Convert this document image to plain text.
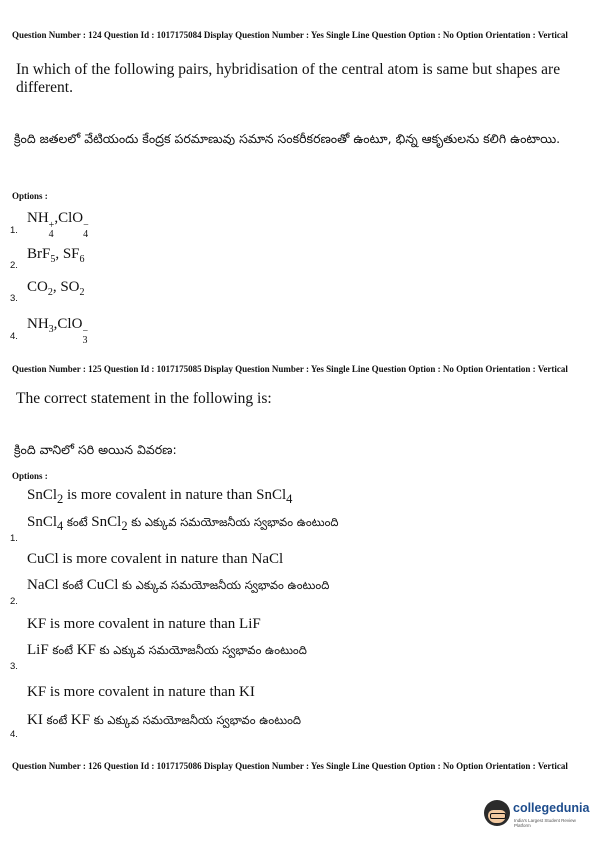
Question Number : 124 Question Id : 1017175084 Display Question Number : Yes Single Line Question Option : No Option Orientation : Vertical
In which of the following pairs, hybridisation of the central atom is same but shapes are different.
క్రింది జతలలో వేటియందు కేంద్రక పరమాణువు సమాన సంకరీకరణంతో ఉంటూ, భిన్న ఆకృతులను కలిగి ఉంటాయి.
Options :
1.
NH +
4
,ClO −
4
2.
BrF$_5$, $SF_6$
3.
$CO_2$, $SO_2$
4.
$NH_3,ClO$ −
3
Question Number : 125 Question Id : 1017175085 Display Question Number : Yes Single Line Question Option : No Option Orientation : Vertical
The correct statement in the following is:
క్రింది వానిలో సరి అయిన వివరణ:
Options :
SnCl$_2$ is more covalent in nature than SnCl$_4$
SnCl$_4$ కంటే SnCl$_2$ కు ఎక్కువ సమయోజనీయ స్వభావం ఉంటుంది
1.
CuCl is more covalent in nature than NaCl
NaCl కంటే CuCl కు ఎక్కువ సమయోజనీయ స్వభావం ఉంటుంది
2.
KF is more covalent in nature than LiF
LiF కంటే KF కు ఎక్కువ సమయోజనీయ స్వభావం ఉంటుంది
3.
KF is more covalent in nature than KI
KI కంటే KF కు ఎక్కువ సమయోజనీయ స్వభావం ఉంటుంది
4.
Question Number : 126 Question Id : 1017175086 Display Question Number : Yes Single Line Question Option : No Option Orientation : Vertical
collegedunia
India's Largest Student Review Platform
